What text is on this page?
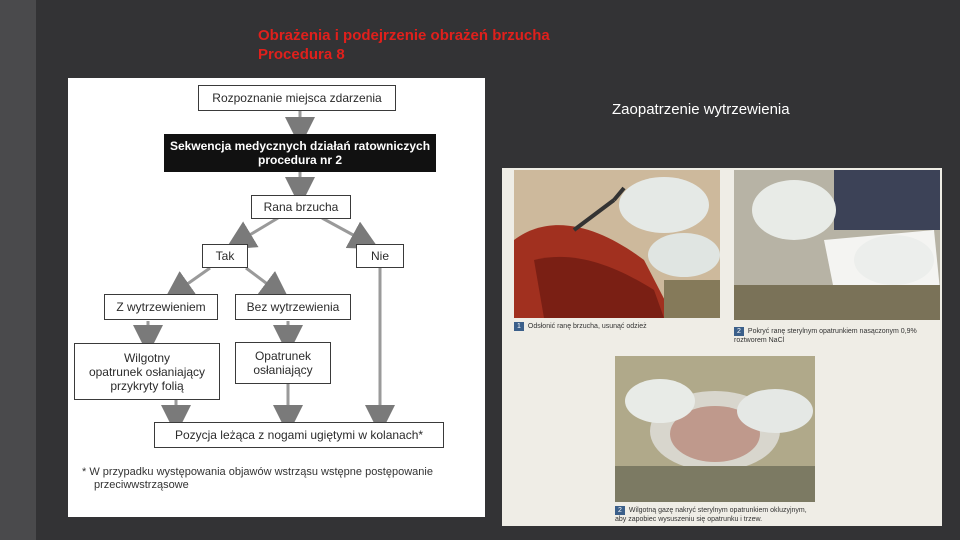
Obrażenia i podejrzenie obrażeń brzucha
Procedura 8
Rozpoznanie miejsca zdarzenia
Sekwencja medycznych działań ratowniczych
procedura nr 2
Rana brzucha
Tak	Nie
Z wytrzewieniem	Bez wytrzewienia
Wilgotny
opatrunek osłaniający
przykryty folią
Opatrunek
osłaniający
Pozycja leżąca z nogami ugiętymi w kolanach*
* W przypadku występowania objawów wstrząsu wstępne postępowanie
przeciwwstrząsowe
Zaopatrzenie wytrzewienia
1 Odsłonić ranę brzucha, usunąć odzież
2 Pokryć ranę sterylnym opatrunkiem nasączonym 0,9% roztworem NaCl
2 Wilgotną gazę nakryć sterylnym opatrunkiem okluzyjnym, aby zapobiec wysuszeniu się opatrunku i trzew.
